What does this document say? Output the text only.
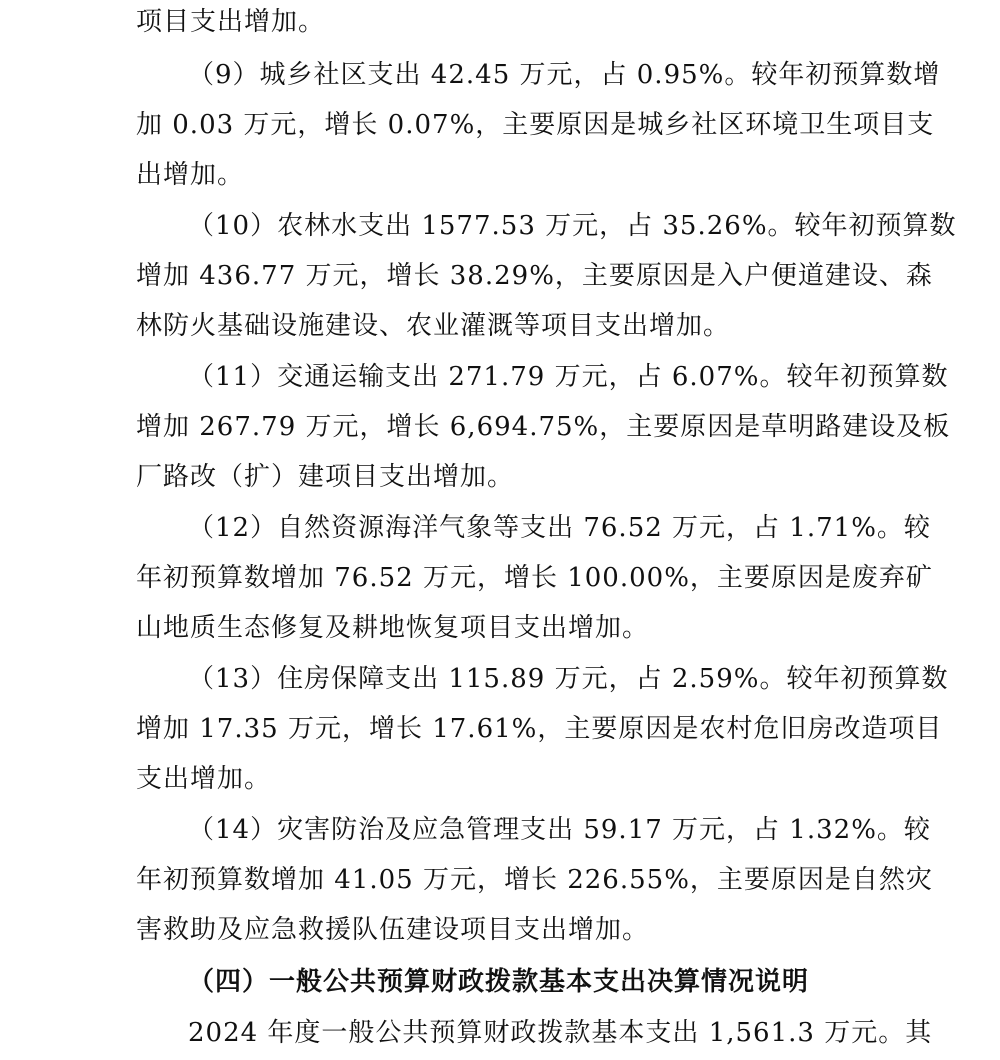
项目支出增加。
（9）城乡社区支出 42.45 万元，占 0.95%。较年初预算数增
加 0.03 万元，增长 0.07%，主要原因是城乡社区环境卫生项目支
出增加。
（10）农林水支出 1577.53 万元，占 35.26%。较年初预算数
增加 436.77 万元，增长 38.29%，主要原因是入户便道建设、森
林防火基础设施建设、农业灌溉等项目支出增加。
（11）交通运输支出 271.79 万元，占 6.07%。较年初预算数
增加 267.79 万元，增长 6,694.75%，主要原因是草明路建设及板
厂路改（扩）建项目支出增加。
（12）自然资源海洋气象等支出 76.52 万元，占 1.71%。较
年初预算数增加 76.52 万元，增长 100.00%，主要原因是废弃矿
山地质生态修复及耕地恢复项目支出增加。
（13）住房保障支出 115.89 万元，占 2.59%。较年初预算数
增加 17.35 万元，增长 17.61%，主要原因是农村危旧房改造项目
支出增加。
（14）灾害防治及应急管理支出 59.17 万元，占 1.32%。较
年初预算数增加 41.05 万元，增长 226.55%，主要原因是自然灾
害救助及应急救援队伍建设项目支出增加。
（四）一般公共预算财政拨款基本支出决算情况说明
2024 年度一般公共预算财政拨款基本支出 1,561.3 万元。其
